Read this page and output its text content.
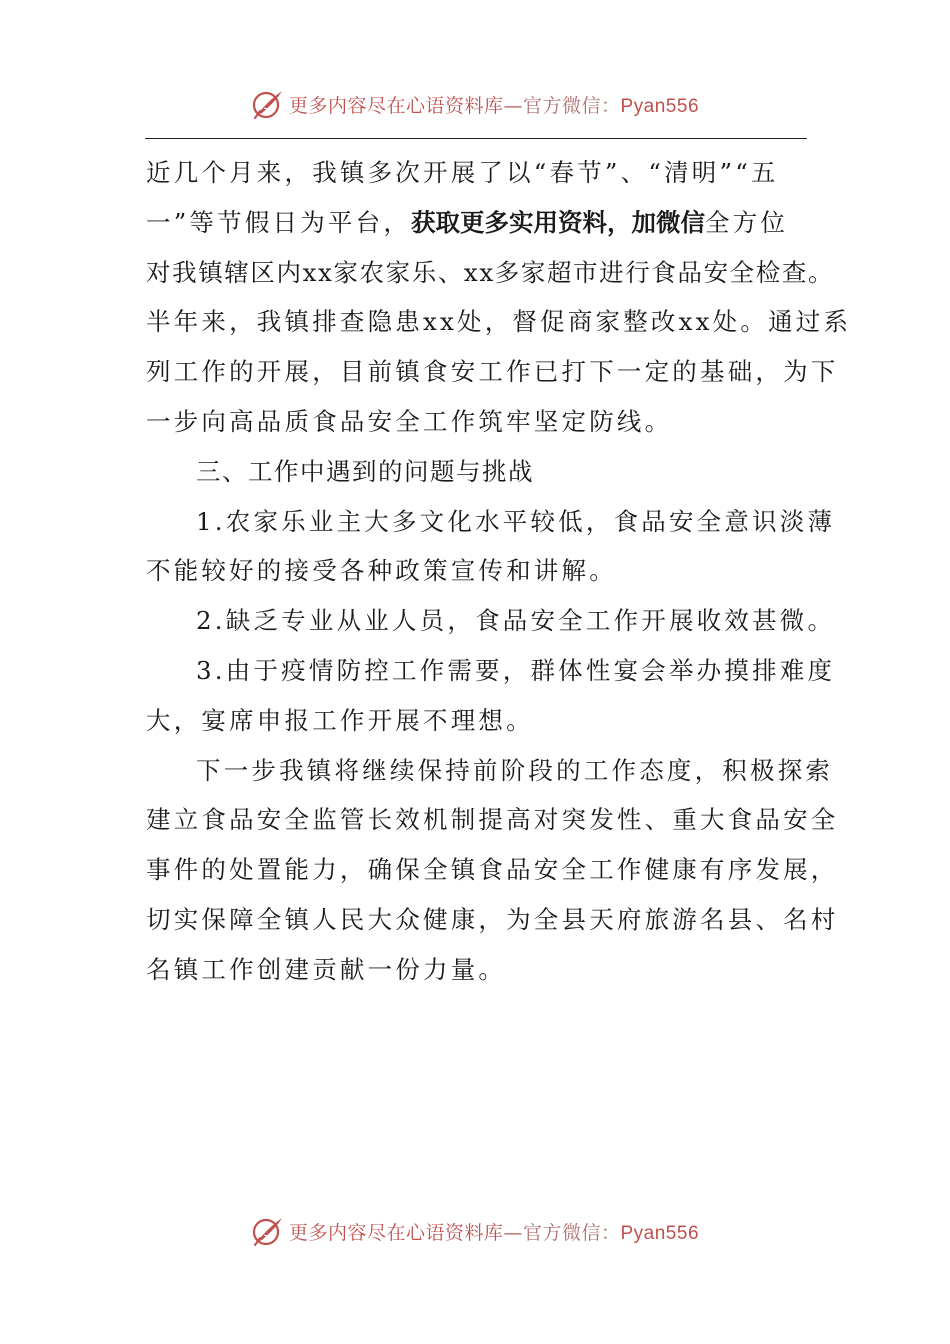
更多内容尽在心语资料库—官方微信：Pyan556
近几个月来，我镇多次开展了以“春节”、“清明”“五
一”等节假日为平台，获取更多实用资料，加微信全方位
对我镇辖区内xx家农家乐、xx多家超市进行食品安全检查。
半年来，我镇排查隐患xx处，督促商家整改xx处。通过系
列工作的开展，目前镇食安工作已打下一定的基础，为下
一步向高品质食品安全工作筑牢坚定防线。
三、工作中遇到的问题与挑战
1.农家乐业主大多文化水平较低，食品安全意识淡薄
不能较好的接受各种政策宣传和讲解。
2.缺乏专业从业人员，食品安全工作开展收效甚微。
3.由于疫情防控工作需要，群体性宴会举办摸排难度
大，宴席申报工作开展不理想。
下一步我镇将继续保持前阶段的工作态度，积极探索
建立食品安全监管长效机制提高对突发性、重大食品安全
事件的处置能力，确保全镇食品安全工作健康有序发展，
切实保障全镇人民大众健康，为全县天府旅游名县、名村
名镇工作创建贡献一份力量。
更多内容尽在心语资料库—官方微信：Pyan556
